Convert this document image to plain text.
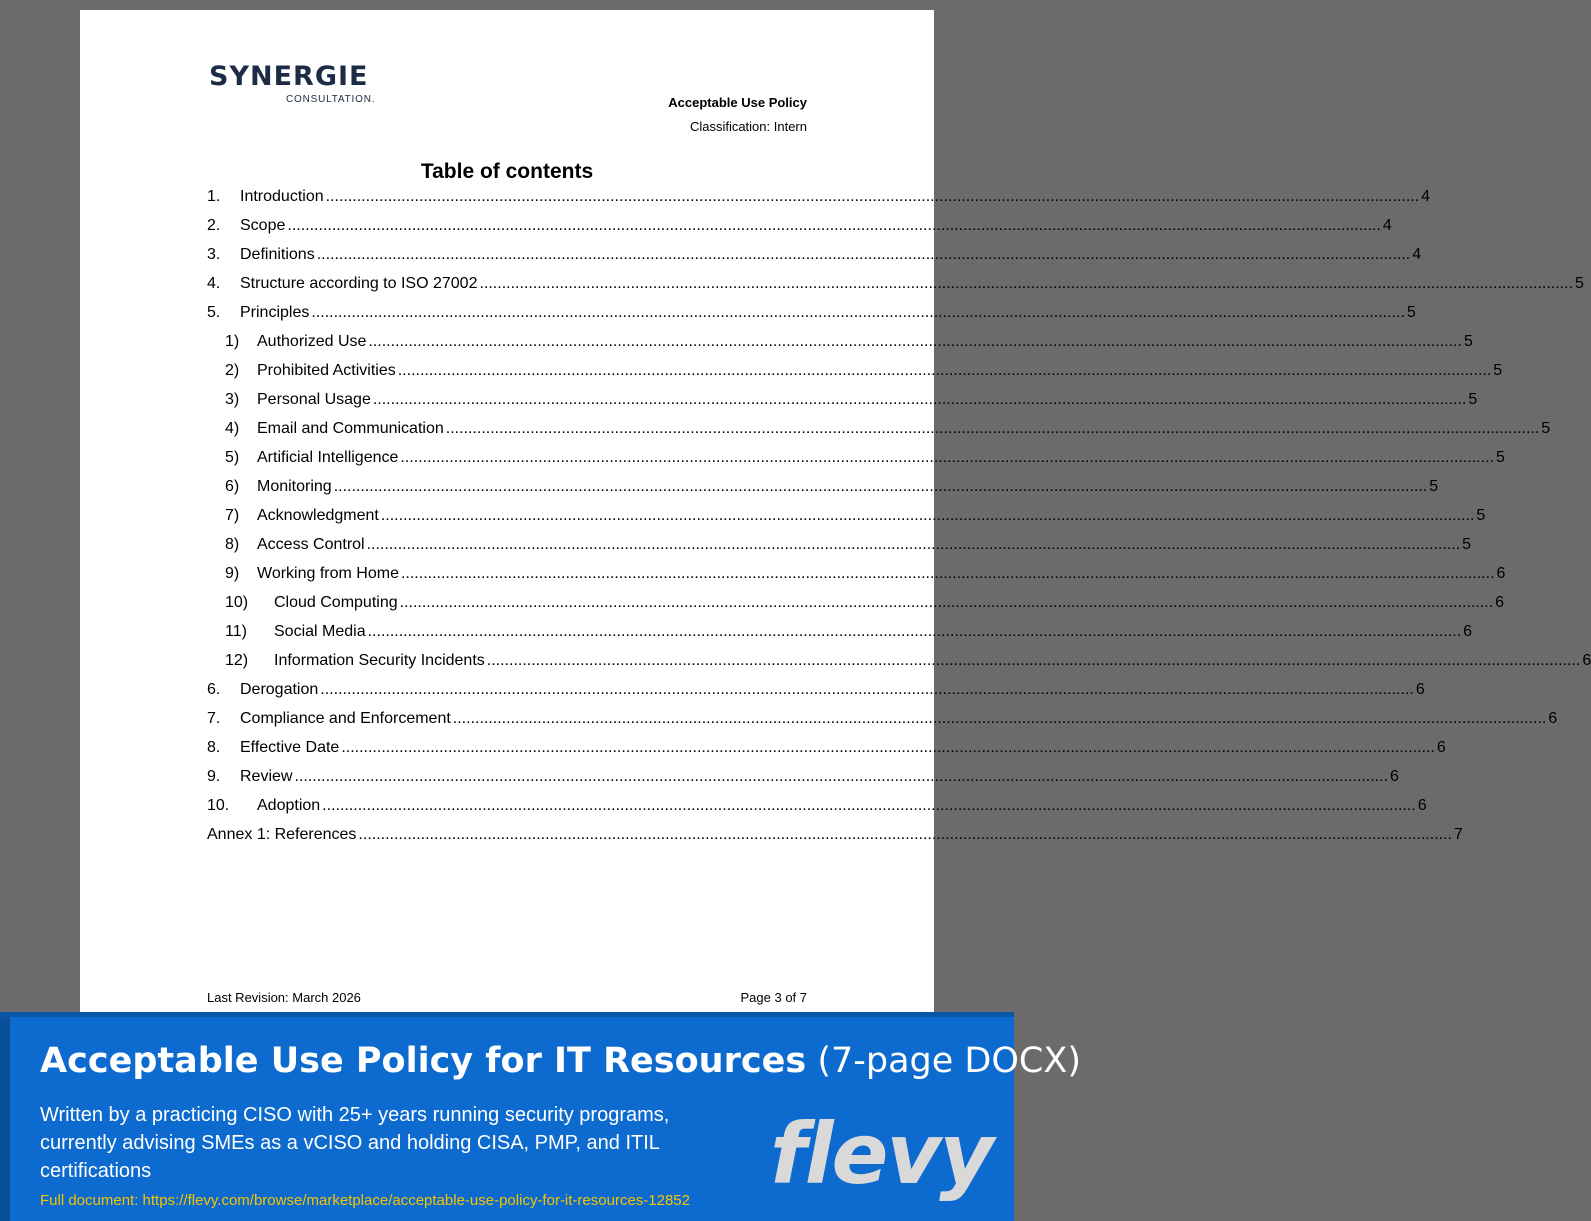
SYNERGIE
CONSULTATION.	Acceptable Use Policy
Classification: Intern
Table of contents
1.	Introduction .....	4
2.	Scope .....	4
3.	Definitions .....	4
4.	Structure according to ISO 27002 .....	5
5.	Principles .....	5
1)	Authorized Use .....	5
2)	Prohibited Activities .....	5
3)	Personal Usage .....	5
4)	Email and Communication .....	5
5)	Artificial Intelligence .....	5
6)	Monitoring .....	5
7)	Acknowledgment .....	5
8)	Access Control .....	5
9)	Working from Home .....	6
10)	Cloud Computing .....	6
11)	Social Media .....	6
12)	Information Security Incidents .....	6
6.	Derogation .....	6
7.	Compliance and Enforcement .....	6
8.	Effective Date .....	6
9.	Review .....	6
10.	Adoption .....	6
Annex 1: References .....	7
Last Revision: March 2026	Page 3 of 7
Acceptable Use Policy for IT Resources (7-page DOCX)
Written by a practicing CISO with 25+ years running security programs, currently advising SMEs as a vCISO and holding CISA, PMP, and ITIL certifications
Full document: https://flevy.com/browse/marketplace/acceptable-use-policy-for-it-resources-12852 flevy
